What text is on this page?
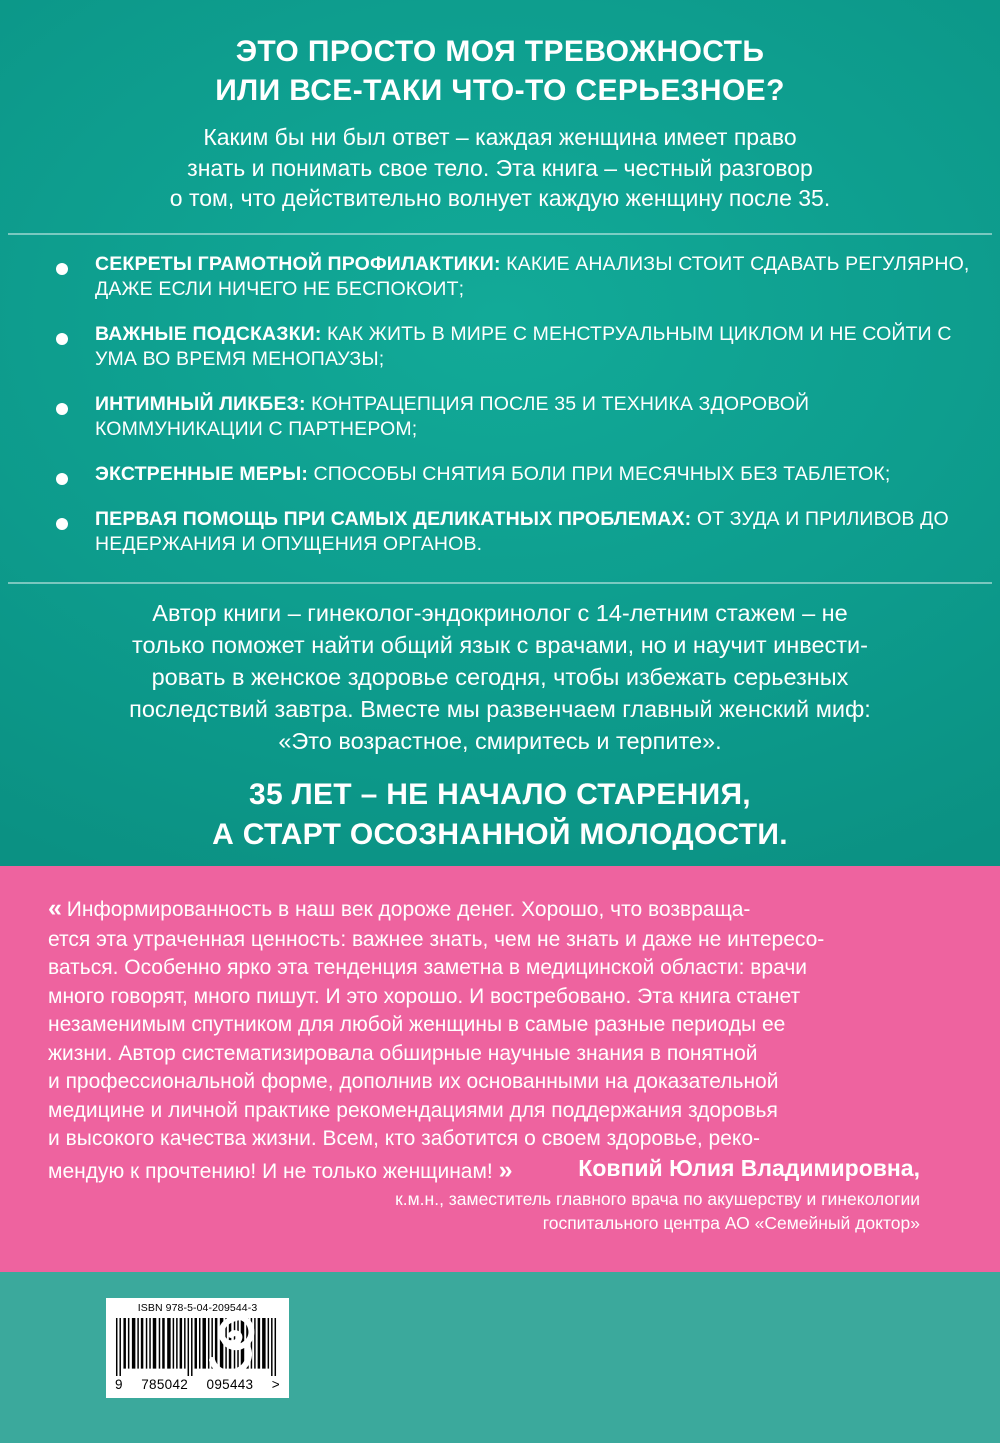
ЭТО ПРОСТО МОЯ ТРЕВОЖНОСТЬ
ИЛИ ВСЕ-ТАКИ ЧТО-ТО СЕРЬЕЗНОЕ?
Каким бы ни был ответ – каждая женщина имеет право
знать и понимать свое тело. Эта книга – честный разговор
о том, что действительно волнует каждую женщину после 35.
СЕКРЕТЫ ГРАМОТНОЙ ПРОФИЛАКТИКИ: КАКИЕ АНАЛИЗЫ СТОИТ СДАВАТЬ РЕГУЛЯРНО, ДАЖЕ ЕСЛИ НИЧЕГО НЕ БЕСПОКОИТ;
ВАЖНЫЕ ПОДСКАЗКИ: КАК ЖИТЬ В МИРЕ С МЕНСТРУАЛЬНЫМ ЦИКЛОМ И НЕ СОЙТИ С УМА ВО ВРЕМЯ МЕНОПАУЗЫ;
ИНТИМНЫЙ ЛИКБЕЗ: КОНТРАЦЕПЦИЯ ПОСЛЕ 35 И ТЕХНИКА ЗДОРОВОЙ КОММУНИКАЦИИ С ПАРТНЕРОМ;
ЭКСТРЕННЫЕ МЕРЫ: СПОСОБЫ СНЯТИЯ БОЛИ ПРИ МЕСЯЧНЫХ БЕЗ ТАБЛЕТОК;
ПЕРВАЯ ПОМОЩЬ ПРИ САМЫХ ДЕЛИКАТНЫХ ПРОБЛЕМАХ: ОТ ЗУДА И ПРИЛИВОВ ДО НЕДЕРЖАНИЯ И ОПУЩЕНИЯ ОРГАНОВ.
Автор книги – гинеколог-эндокринолог с 14-летним стажем – не
только поможет найти общий язык с врачами, но и научит инвести-
ровать в женское здоровье сегодня, чтобы избежать серьезных
последствий завтра. Вместе мы развенчаем главный женский миф:
«Это возрастное, смиритесь и терпите».
35 ЛЕТ – НЕ НАЧАЛО СТАРЕНИЯ,
А СТАРТ ОСОЗНАННОЙ МОЛОДОСТИ.
« Информированность в наш век дороже денег. Хорошо, что возвраща-
ется эта утраченная ценность: важнее знать, чем не знать и даже не интересо-
ваться. Особенно ярко эта тенденция заметна в медицинской области: врачи
много говорят, много пишут. И это хорошо. И востребовано. Эта книга станет
незаменимым спутником для любой женщины в самые разные периоды ее
жизни. Автор систематизировала обширные научные знания в понятной
и профессиональной форме, дополнив их основанными на доказательной
медицине и личной практике рекомендациями для поддержания здоровья
и высокого качества жизни. Всем, кто заботится о своем здоровье, реко-
мендую к прочтению! И не только женщинам! »	Ковпий Юлия Владимировна,
к.м.н., заместитель главного врача по акушерству и гинекологии
госпитального центра АО «Семейный доктор»
ISBN 978-5-04-209544-3
9 785042 095443 >
